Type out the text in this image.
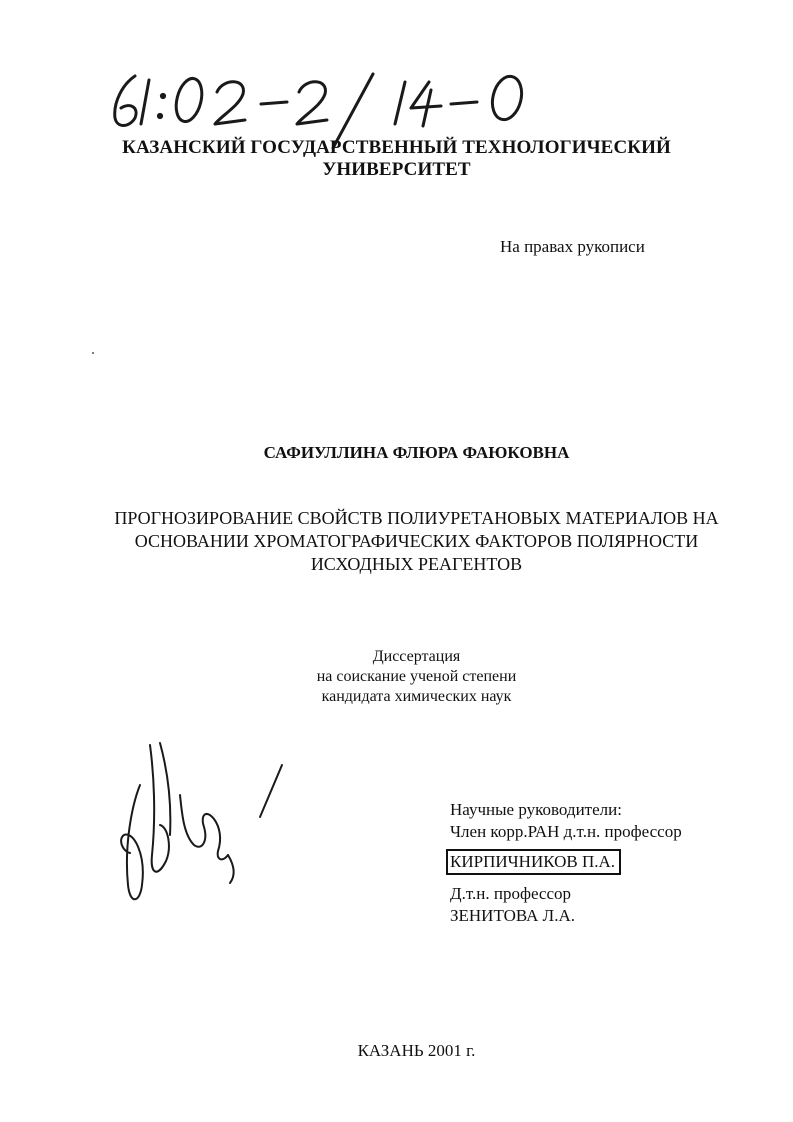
КАЗАНСКИЙ ГОСУДАРСТВЕННЫЙ ТЕХНОЛОГИЧЕСКИЙ
УНИВЕРСИТЕТ
На правах рукописи
САФИУЛЛИНА ФЛЮРА ФАЮКОВНА
ПРОГНОЗИРОВАНИЕ СВОЙСТВ ПОЛИУРЕТАНОВЫХ МАТЕРИАЛОВ НА
ОСНОВАНИИ ХРОМАТОГРАФИЧЕСКИХ ФАКТОРОВ ПОЛЯРНОСТИ
ИСХОДНЫХ РЕАГЕНТОВ
Диссертация
на соискание ученой степени
кандидата химических наук
Научные руководители:
Член корр.РАН д.т.н. профессор
КИРПИЧНИКОВ П.А.
Д.т.н. профессор
ЗЕНИТОВА Л.А.
КАЗАНЬ 2001 г.
